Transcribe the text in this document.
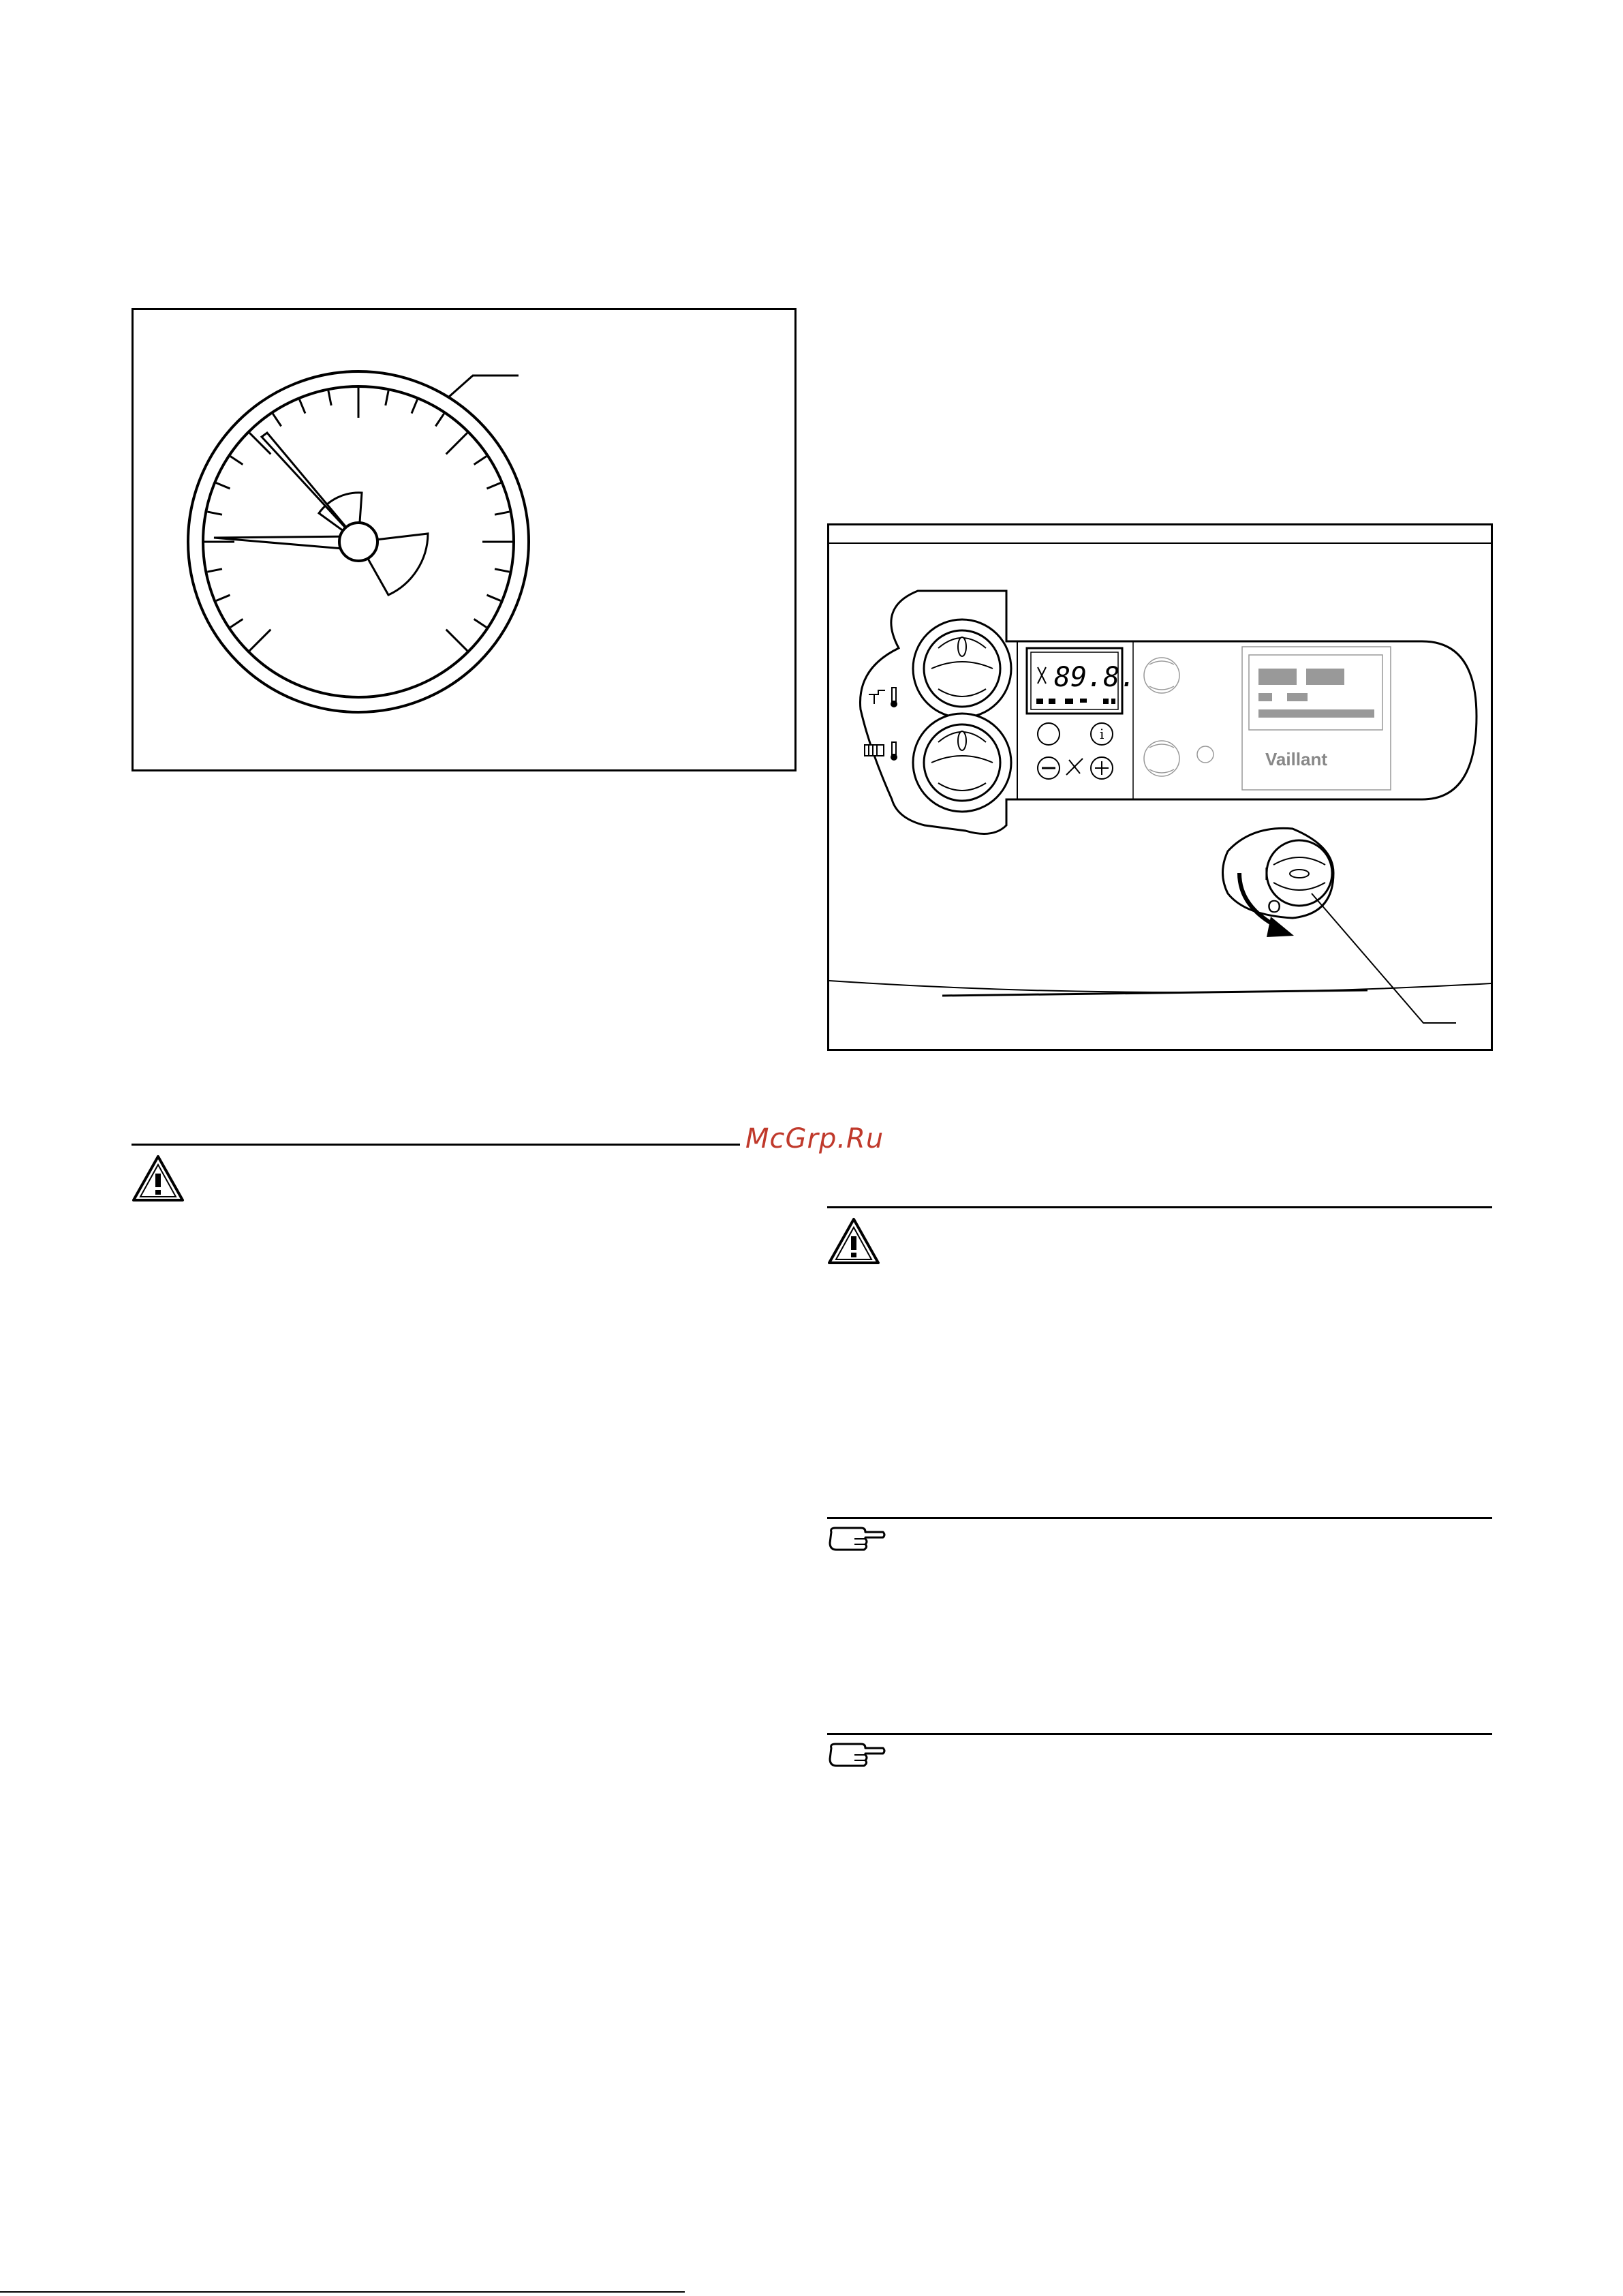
89.8.
i
Vaillant
I
O
McGrp.Ru
